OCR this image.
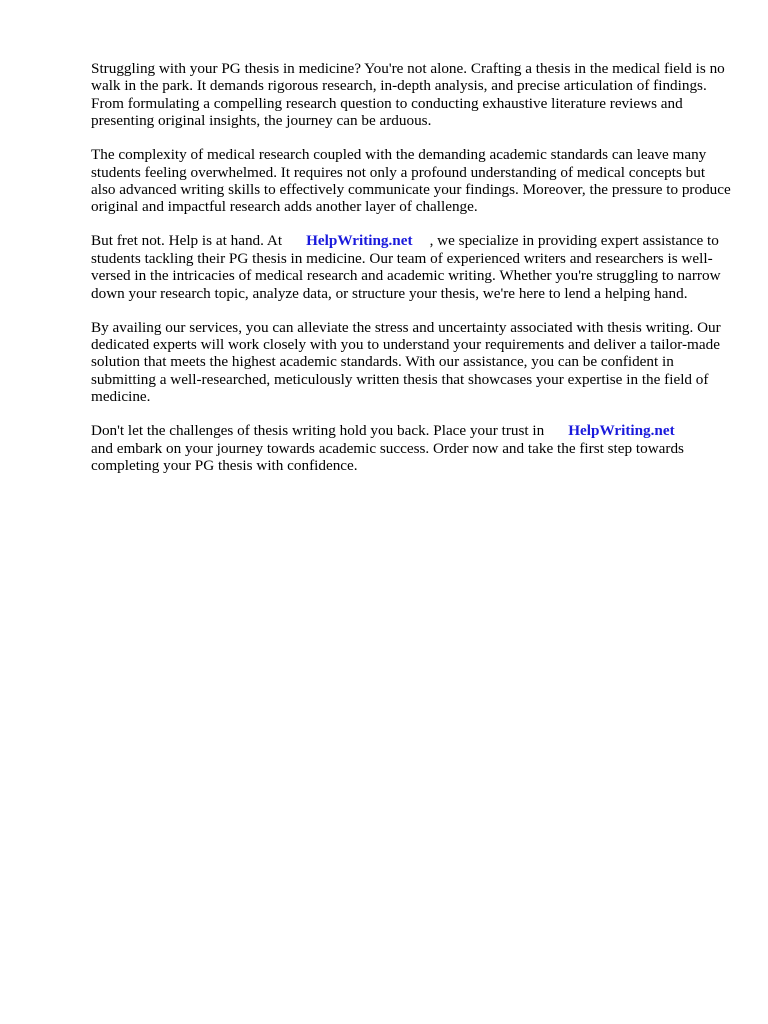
Struggling with your PG thesis in medicine? You're not alone. Crafting a thesis in the medical field is no walk in the park. It demands rigorous research, in-depth analysis, and precise articulation of findings. From formulating a compelling research question to conducting exhaustive literature reviews and presenting original insights, the journey can be arduous.

The complexity of medical research coupled with the demanding academic standards can leave many students feeling overwhelmed. It requires not only a profound understanding of medical concepts but also advanced writing skills to effectively communicate your findings. Moreover, the pressure to produce original and impactful research adds another layer of challenge.

But fret not. Help is at hand. At HelpWriting.net , we specialize in providing expert assistance to students tackling their PG thesis in medicine. Our team of experienced writers and researchers is well-versed in the intricacies of medical research and academic writing. Whether you're struggling to narrow down your research topic, analyze data, or structure your thesis, we're here to lend a helping hand.

By availing our services, you can alleviate the stress and uncertainty associated with thesis writing. Our dedicated experts will work closely with you to understand your requirements and deliver a tailor-made solution that meets the highest academic standards. With our assistance, you can be confident in submitting a well-researched, meticulously written thesis that showcases your expertise in the field of medicine.

Don't let the challenges of thesis writing hold you back. Place your trust in HelpWriting.net
and embark on your journey towards academic success. Order now and take the first step towards completing your PG thesis with confidence.
